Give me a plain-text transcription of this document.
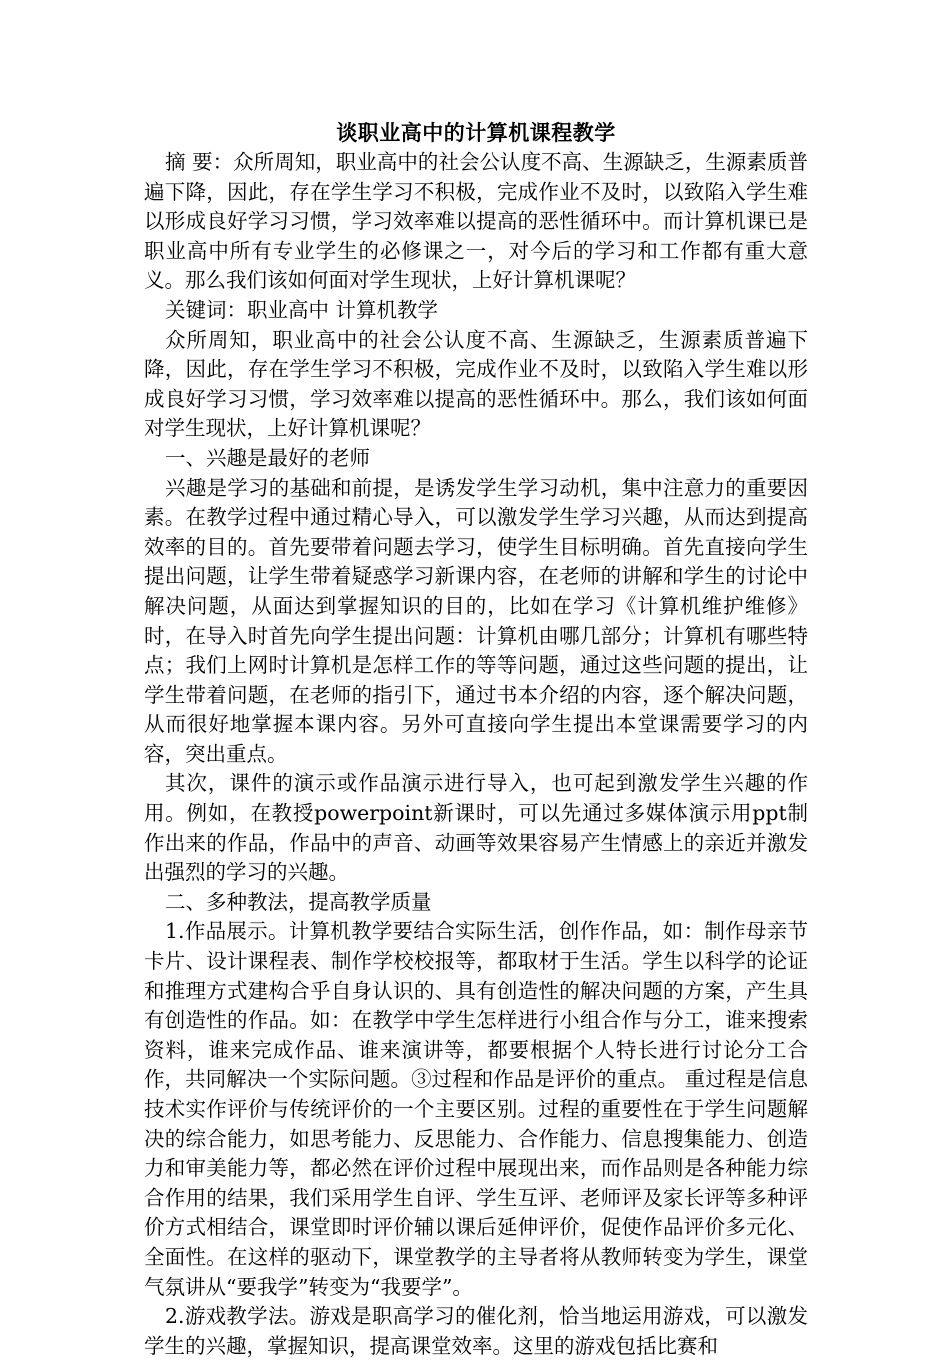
谈职业高中的计算机课程教学

摘 要：众所周知，职业高中的社会公认度不高、生源缺乏，生源素质普遍下降，因此，存在学生学习不积极，完成作业不及时，以致陷入学生难以形成良好学习习惯，学习效率难以提高的恶性循环中。而计算机课已是职业高中所有专业学生的必修课之一，对今后的学习和工作都有重大意义。那么我们该如何面对学生现状，上好计算机课呢？

关键词：职业高中 计算机教学

众所周知，职业高中的社会公认度不高、生源缺乏，生源素质普遍下降，因此，存在学生学习不积极，完成作业不及时，以致陷入学生难以形成良好学习习惯，学习效率难以提高的恶性循环中。那么，我们该如何面对学生现状，上好计算机课呢？

一、兴趣是最好的老师

兴趣是学习的基础和前提，是诱发学生学习动机，集中注意力的重要因素。在教学过程中通过精心导入，可以激发学生学习兴趣，从而达到提高效率的目的。首先要带着问题去学习，使学生目标明确。首先直接向学生提出问题，让学生带着疑惑学习新课内容，在老师的讲解和学生的讨论中解决问题，从面达到掌握知识的目的，比如在学习《计算机维护维修》时，在导入时首先向学生提出问题：计算机由哪几部分；计算机有哪些特点；我们上网时计算机是怎样工作的等等问题，通过这些问题的提出，让学生带着问题，在老师的指引下，通过书本介绍的内容，逐个解决问题，从而很好地掌握本课内容。另外可直接向学生提出本堂课需要学习的内容，突出重点。

其次，课件的演示或作品演示进行导入，也可起到激发学生兴趣的作用。例如，在教授powerpoint新课时，可以先通过多媒体演示用ppt制作出来的作品，作品中的声音、动画等效果容易产生情感上的亲近并激发出强烈的学习的兴趣。

二、多种教法，提高教学质量

1.作品展示。计算机教学要结合实际生活，创作作品，如：制作母亲节卡片、设计课程表、制作学校校报等，都取材于生活。学生以科学的论证和推理方式建构合乎自身认识的、具有创造性的解决问题的方案，产生具有创造性的作品。如：在教学中学生怎样进行小组合作与分工，谁来搜索资料，谁来完成作品、谁来演讲等，都要根据个人特长进行讨论分工合作，共同解决一个实际问题。③过程和作品是评价的重点。 重过程是信息技术实作评价与传统评价的一个主要区别。过程的重要性在于学生问题解决的综合能力，如思考能力、反思能力、合作能力、信息搜集能力、创造力和审美能力等，都必然在评价过程中展现出来，而作品则是各种能力综合作用的结果，我们采用学生自评、学生互评、老师评及家长评等多种评价方式相结合，课堂即时评价辅以课后延伸评价，促使作品评价多元化、全面性。在这样的驱动下，课堂教学的主导者将从教师转变为学生，课堂气氛讲从“要我学”转变为“我要学”。

2.游戏教学法。游戏是职高学习的催化剂，恰当地运用游戏，可以激发学生的兴趣，掌握知识，提高课堂效率。这里的游戏包括比赛和
